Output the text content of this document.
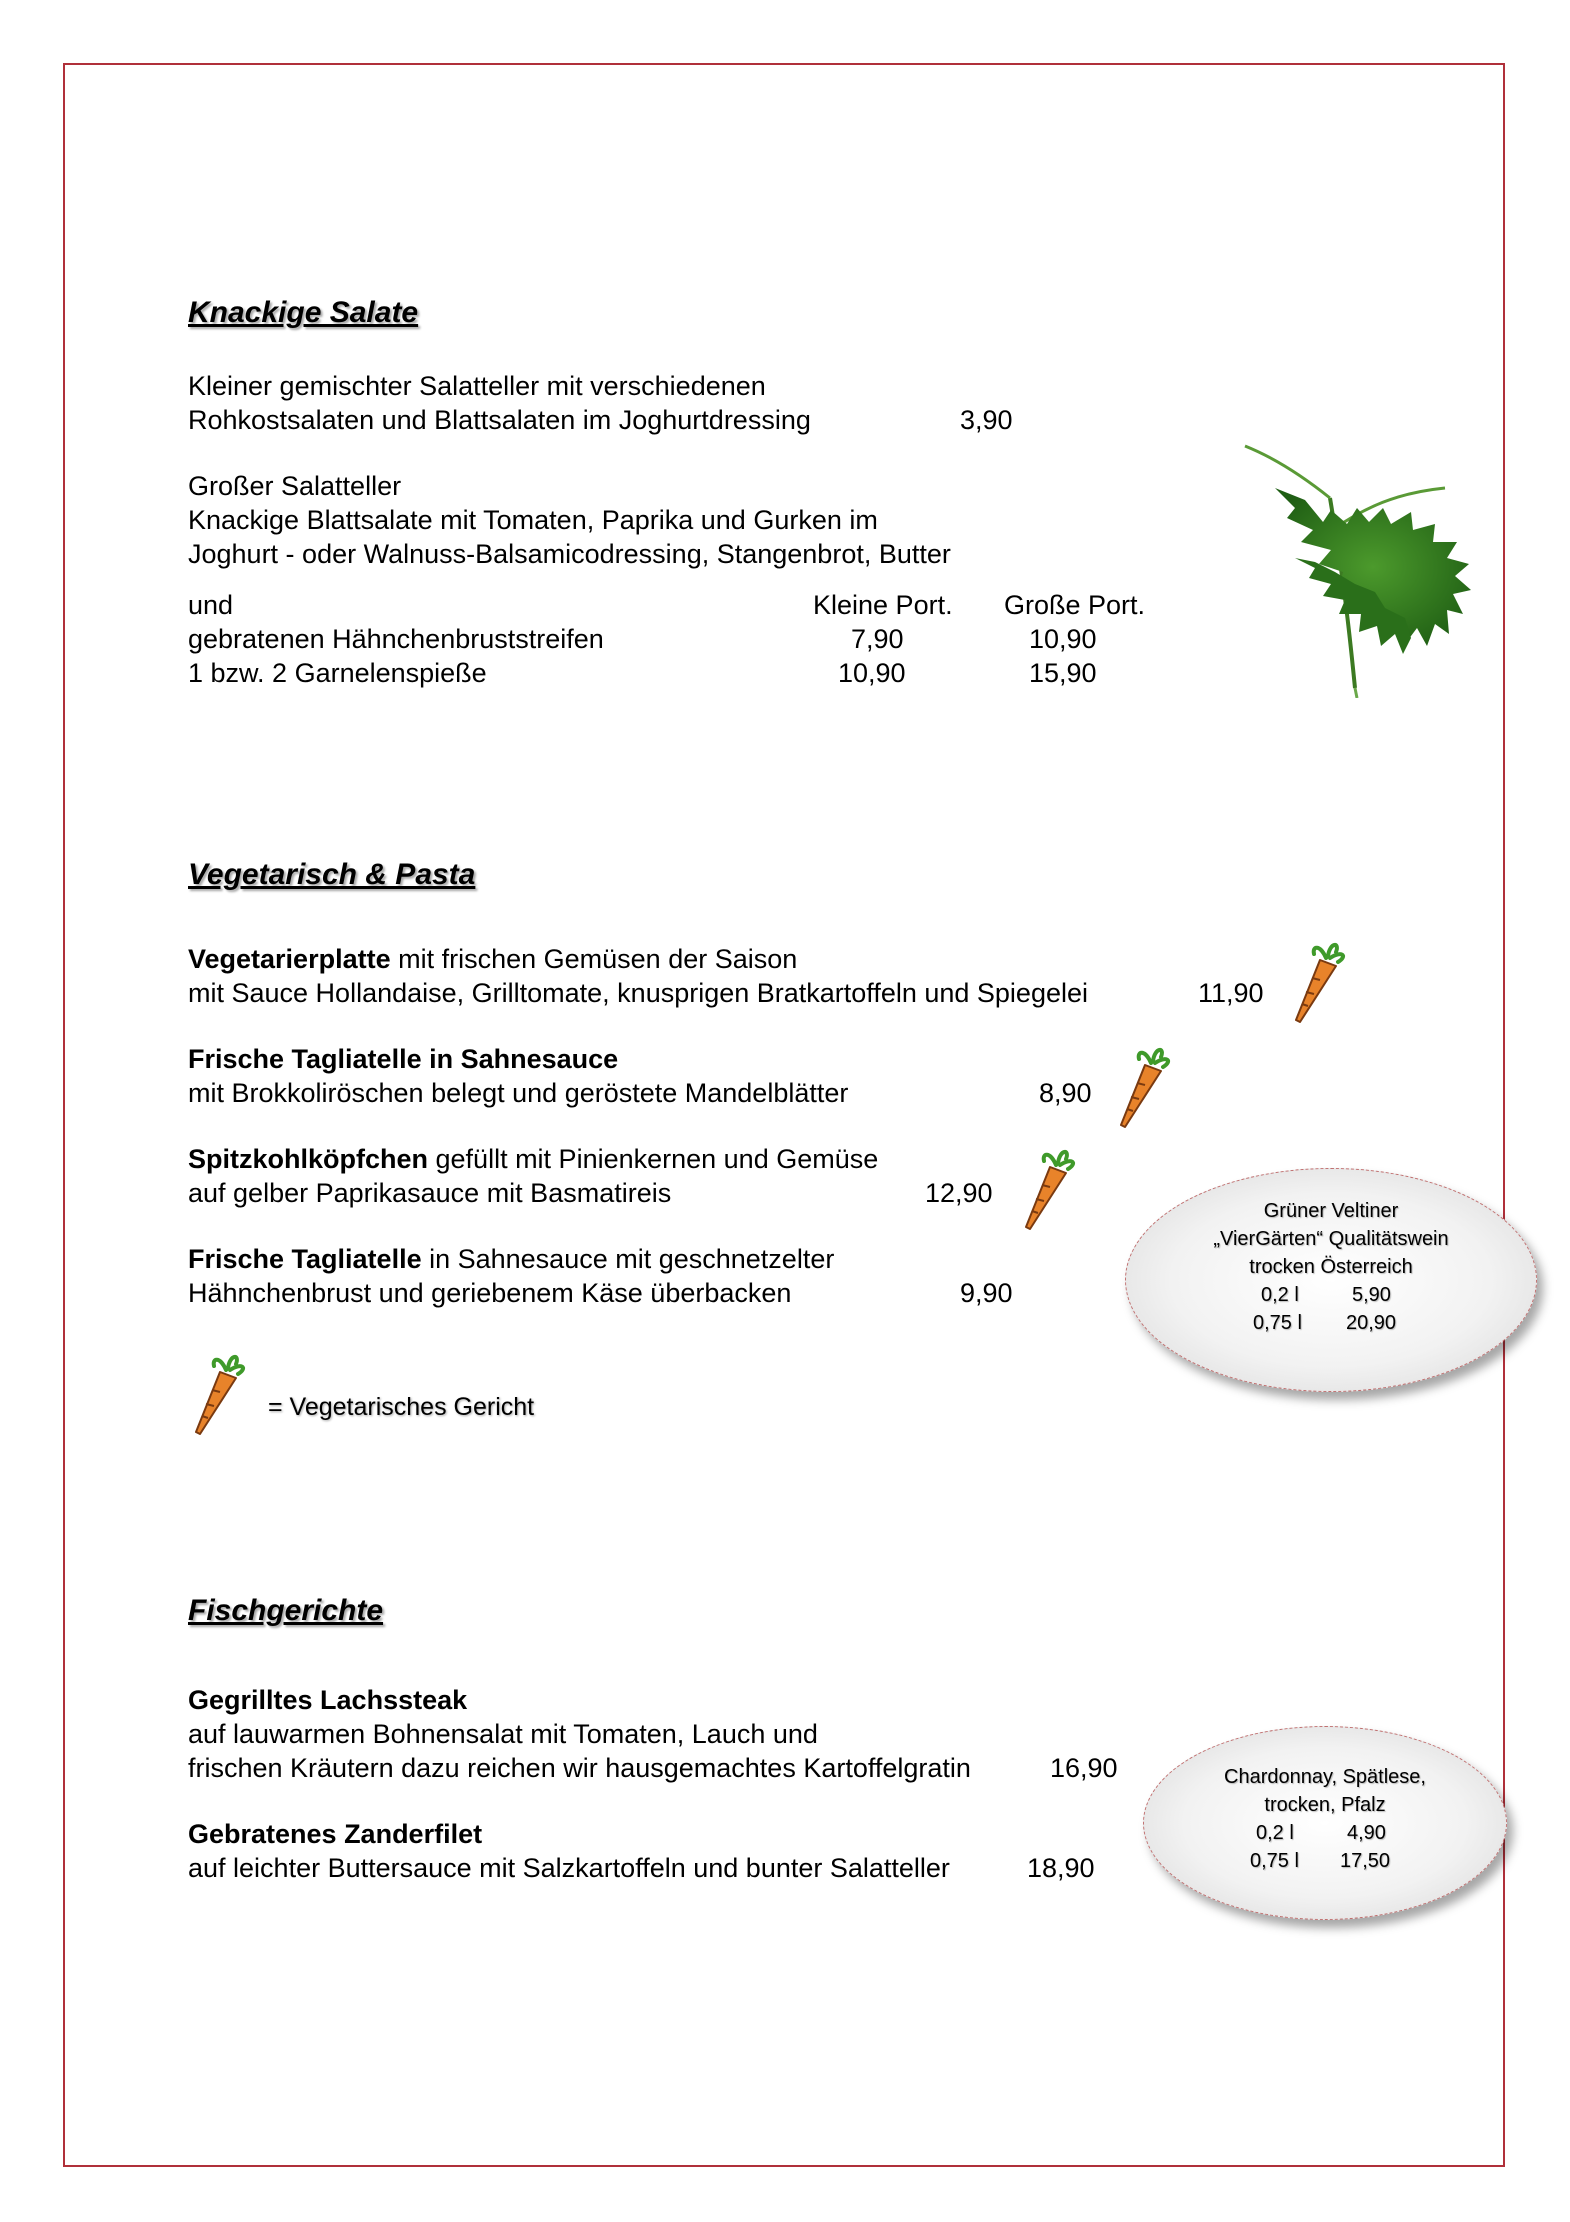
Knackige Salate
Kleiner gemischter Salatteller mit verschiedenen
Rohkostsalaten und Blattsalaten im Joghurtdressing	3,90
Großer Salatteller
Knackige Blattsalate mit Tomaten, Paprika und Gurken im
Joghurt - oder Walnuss-Balsamicodressing, Stangenbrot, Butter
und	Kleine Port. Große Port.
gebratenen Hähnchenbruststreifen	7,90	10,90
1 bzw. 2 Garnelenspieße	10,90	15,90
Vegetarisch & Pasta
Vegetarierplatte mit frischen Gemüsen der Saison
mit Sauce Hollandaise, Grilltomate, knusprigen Bratkartoffeln und Spiegelei	11,90
Frische Tagliatelle in Sahnesauce
mit Brokkoliröschen belegt und geröstete Mandelblätter	8,90
Spitzkohlköpfchen gefüllt mit Pinienkernen und Gemüse
auf gelber Paprikasauce mit Basmatireis	12,90
Frische Tagliatelle in Sahnesauce mit geschnetzelter
Hähnchenbrust und geriebenem Käse überbacken	9,90
= Vegetarisches Gericht
Grüner Veltiner
„VierGärten“ Qualitätswein
trocken Österreich
0,2 l	5,90
0,75 l 20,90
Fischgerichte
Gegrilltes Lachssteak
auf lauwarmen Bohnensalat mit Tomaten, Lauch und
frischen Kräutern dazu reichen wir hausgemachtes Kartoffelgratin	16,90
Gebratenes Zanderfilet
auf leichter Buttersauce mit Salzkartoffeln und bunter Salatteller	18,90
Chardonnay, Spätlese,
trocken, Pfalz
0,2 l	4,90
0,75 l 17,50
